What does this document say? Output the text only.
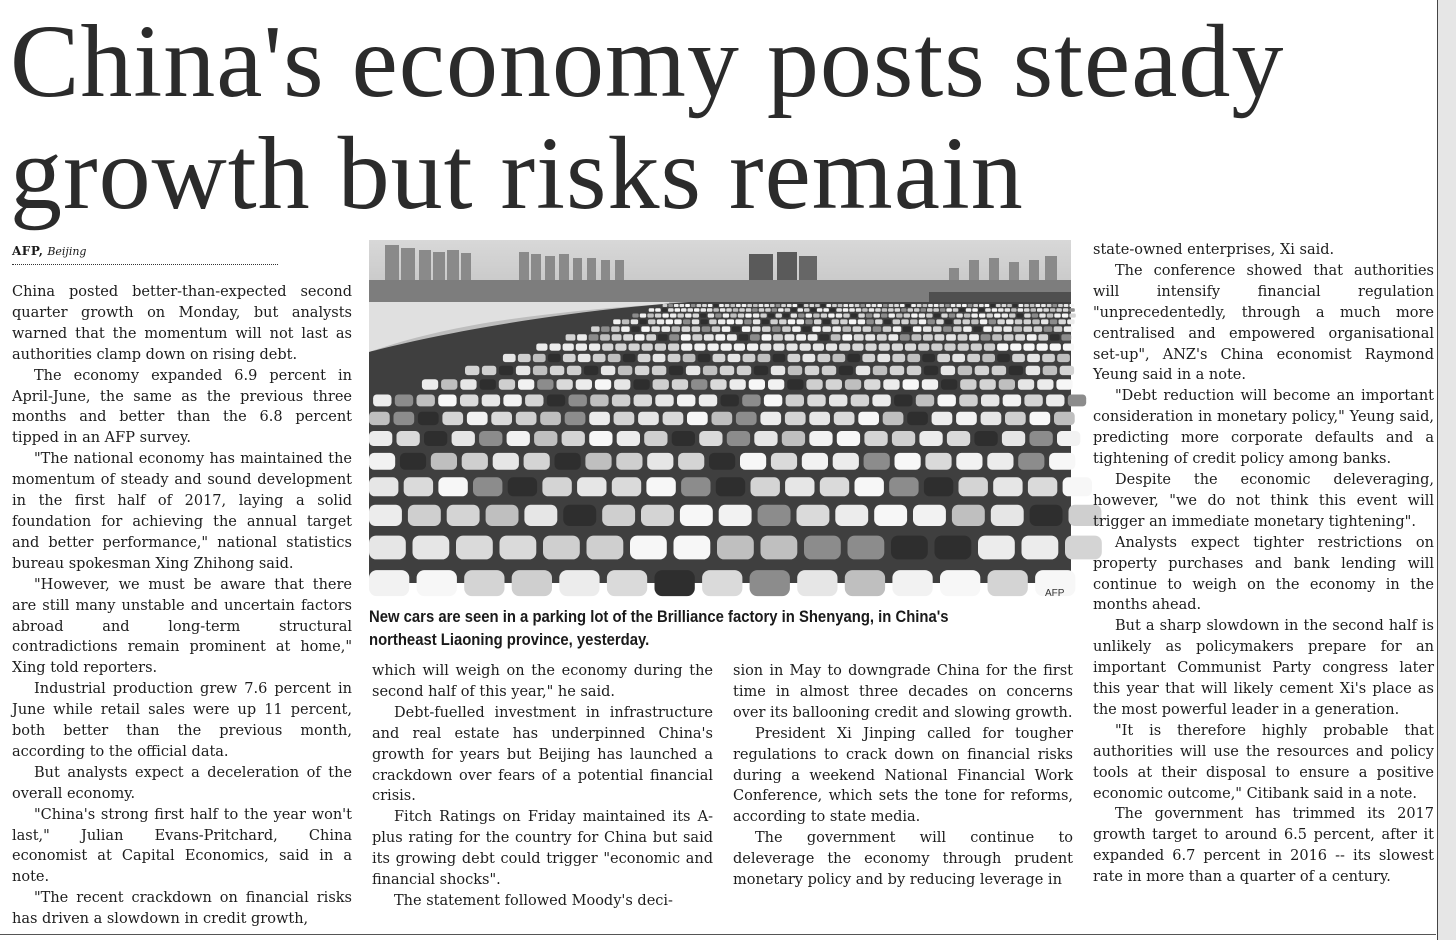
China's economy posts steady
growth but risks remain
AFP, Beijing

China posted better-than-expected second quarter growth on Monday, but analysts warned that the momentum will not last as authorities clamp down on rising debt.

The economy expanded 6.9 percent in April-June, the same as the previous three months and better than the 6.8 percent tipped in an AFP survey.

"The national economy has maintained the momentum of steady and sound development in the first half of 2017, laying a solid foundation for achieving the annual target and better performance," national statistics bureau spokesman Xing Zhihong said.

"However, we must be aware that there are still many unstable and uncertain factors abroad and long-term structural contradictions remain prominent at home," Xing told reporters.

Industrial production grew 7.6 percent in June while retail sales were up 11 percent, both better than the previous month, according to the official data.

But analysts expect a deceleration of the overall economy.

"China's strong first half to the year won't last," Julian Evans-Pritchard, China economist at Capital Economics, said in a note.

"The recent crackdown on financial risks has driven a slowdown in credit growth,

AFP

New cars are seen in a parking lot of the Brilliance factory in Shenyang, in China's
northeast Liaoning province, yesterday.

which will weigh on the economy during the second half of this year," he said.

Debt-fuelled investment in infrastructure and real estate has underpinned China's growth for years but Beijing has launched a crackdown over fears of a potential financial crisis.

Fitch Ratings on Friday maintained its A-plus rating for the country for China but said its growing debt could trigger "economic and financial shocks".

The statement followed Moody's deci-

sion in May to downgrade China for the first time in almost three decades on concerns over its ballooning credit and slowing growth.

President Xi Jinping called for tougher regulations to crack down on financial risks during a weekend National Financial Work Conference, which sets the tone for reforms, according to state media.

The government will continue to deleverage the economy through prudent monetary policy and by reducing leverage in

state-owned enterprises, Xi said.

The conference showed that authorities will intensify financial regulation "unprecedentedly, through a much more centralised and empowered organisational set-up", ANZ's China economist Raymond Yeung said in a note.

"Debt reduction will become an important consideration in monetary policy," Yeung said, predicting more corporate defaults and a tightening of credit policy among banks.

Despite the economic deleveraging, however, "we do not think this event will trigger an immediate monetary tightening".

Analysts expect tighter restrictions on property purchases and bank lending will continue to weigh on the economy in the months ahead.

But a sharp slowdown in the second half is unlikely as policymakers prepare for an important Communist Party congress later this year that will likely cement Xi's place as the most powerful leader in a generation.

"It is therefore highly probable that authorities will use the resources and policy tools at their disposal to ensure a positive economic outcome," Citibank said in a note.

The government has trimmed its 2017 growth target to around 6.5 percent, after it expanded 6.7 percent in 2016 -- its slowest rate in more than a quarter of a century.
